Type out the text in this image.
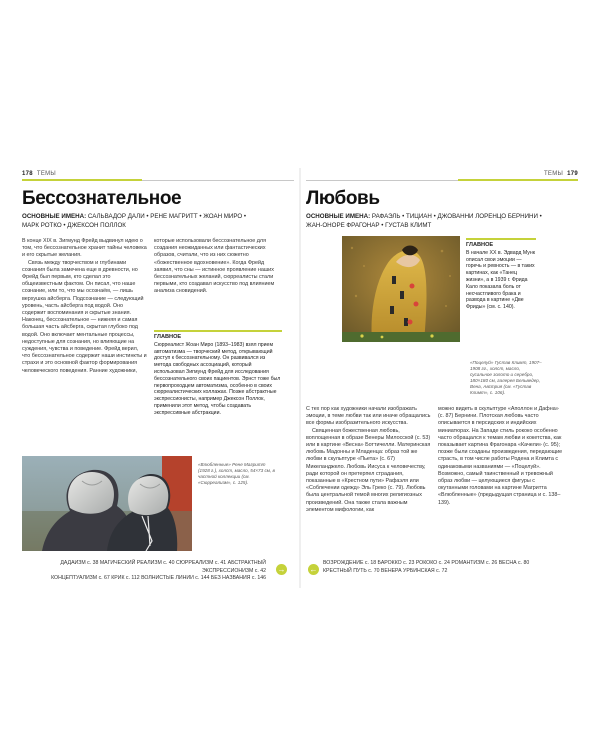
178 ТЕМЫ
Бессознательное
ОСНОВНЫЕ ИМЕНА: САЛЬВАДОР ДАЛИ • РЕНЕ МАГРИТТ • ЖОАН МИРО • МАРК РОТКО • ДЖЕКСОН ПОЛЛОК

В конце XIX в. Зигмунд Фрейд выдвинул идею о том, что бессознательное хранит тайны человека и его скрытые желания.

Связь между творчеством и глубинами сознания была замечена еще в древности, но Фрейд был первым, кто сделал это общеизвестным фактом. Он писал, что наше сознание, или то, что мы осознаём, — лишь верхушка айсберга. Подсознание — следующий уровень, часть айсберга под водой. Оно содержит воспоминания и скрытые знания. Наконец, бессознательное — нижняя и самая большая часть айсберга, скрытая глубоко под водой. Оно включает ментальные процессы, недоступные для сознания, но влияющие на суждения, чувства и поведение. Фрейд верил, что бессознательное содержит наши инстинкты и страхи и это основной фактор формирования человеческого поведения. Ранние художники,

которые использовали бессознательное для создания неожиданных или фантастических образов, считали, что из них сюжетно «божественное вдохновение». Когда Фрейд заявил, что сны — истинное проявление наших бессознательных желаний, сюрреалисты стали первыми, кто создавал искусство под влиянием анализа сновидений.

ГЛАВНОЕ
Сюрреалист Жоан Миро (1893–1983) взял прием автоматизма — творческий метод, открывающий доступ к бессознательному. Он развивался из метода свободных ассоциаций, который использовал Зигмунд Фрейд для исследования бессознательного своих пациентов. Эрнст тоже был первопроходцем автоматизма, особенно в своих сюрреалистических коллажах. Позже абстрактные экспрессионисты, например Джексон Поллок, применили этот метод, чтобы создавать экспрессивные абстракции.
«Влюбленные» Рене Магритт (1928 г.), холст, масло, 54×73 см, в частной коллекции (см. «Сюрреализм», с. 125).
ДАДАИЗМ с. 38 МАГИЧЕСКИЙ РЕАЛИЗМ с. 40 СЮРРЕАЛИЗМ с. 41 АБСТРАКТНЫЙ ЭКСПРЕССИОНИЗМ с. 42
КОНЦЕПТУАЛИЗМ с. 67 КРИК с. 112 ВОЛНИСТЫЕ ЛИНИИ с. 144 БЕЗ НАЗВАНИЯ с. 146
→
ТЕМЫ 179
Любовь
ОСНОВНЫЕ ИМЕНА: РАФАЭЛЬ • ТИЦИАН • ДЖОВАННИ ЛОРЕНЦО БЕРНИНИ • ЖАН-ОНОРЕ ФРАГОНАР • ГУСТАВ КЛИМТ
ГЛАВНОЕ
В начале XX в. Эдвард Мунк описал свои эмоции — горечь и ревность — в таких картинах, как «Танец жизни», а в 1939 г. Фрида Кало показала боль от несчастливого брака и развода в картине «Две Фриды» (см. с. 140).
«Поцелуй» Густав Климт, 1907–1908 гг., холст, масло, сусальное золото и серебро, 180×180 см, галерея Бельведер, Вена, Австрия (см. «Густав Климт», с. 106).

С тех пор как художники начали изображать эмоции, в теме любви так или иначе обращались все формы изобразительного искусства.

Священная божественная любовь, воплощенная в образе Венеры Милосской (с. 53) или в картине «Весна» Боттичелли. Материнская любовь Мадонны и Младенца: образ той же любви в скульптуре «Пьета» (с. 67) Микеланджело. Любовь Иисуса к человечеству, ради которой он претерпел страдания, показанные в «Крестном пути» Рафаэля или «Соблечении одежд» Эль Греко (с. 79). Любовь была центральной темой многих религиозных произведений. Она также стала важным элементом мифологии, как

можно видеть в скульптуре «Аполлон и Дафна» (с. 87) Бернини. Плотская любовь часто описывается в персидских и индийских миниатюрах. На Западе стиль рококо особенно часто обращался к темам любви и кокетства, как показывает картина Фрагонара «Качели» (с. 95); позже были созданы произведения, передающие страсть, в том числе работы Родена и Климта с одинаковыми названиями — «Поцелуй». Возможно, самый таинственный и тревожный образ любви — целующиеся фигуры с окутанными головами на картине Магритта «Влюбленные» (предыдущая страница и с. 138–139).

←
ВОЗРОЖДЕНИЕ с. 18 БАРОККО с. 23 РОКОКО с. 24 РОМАНТИЗМ с. 26 ВЕСНА с. 80
КРЕСТНЫЙ ПУТЬ с. 70 ВЕНЕРА УРБИНСКАЯ с. 72
